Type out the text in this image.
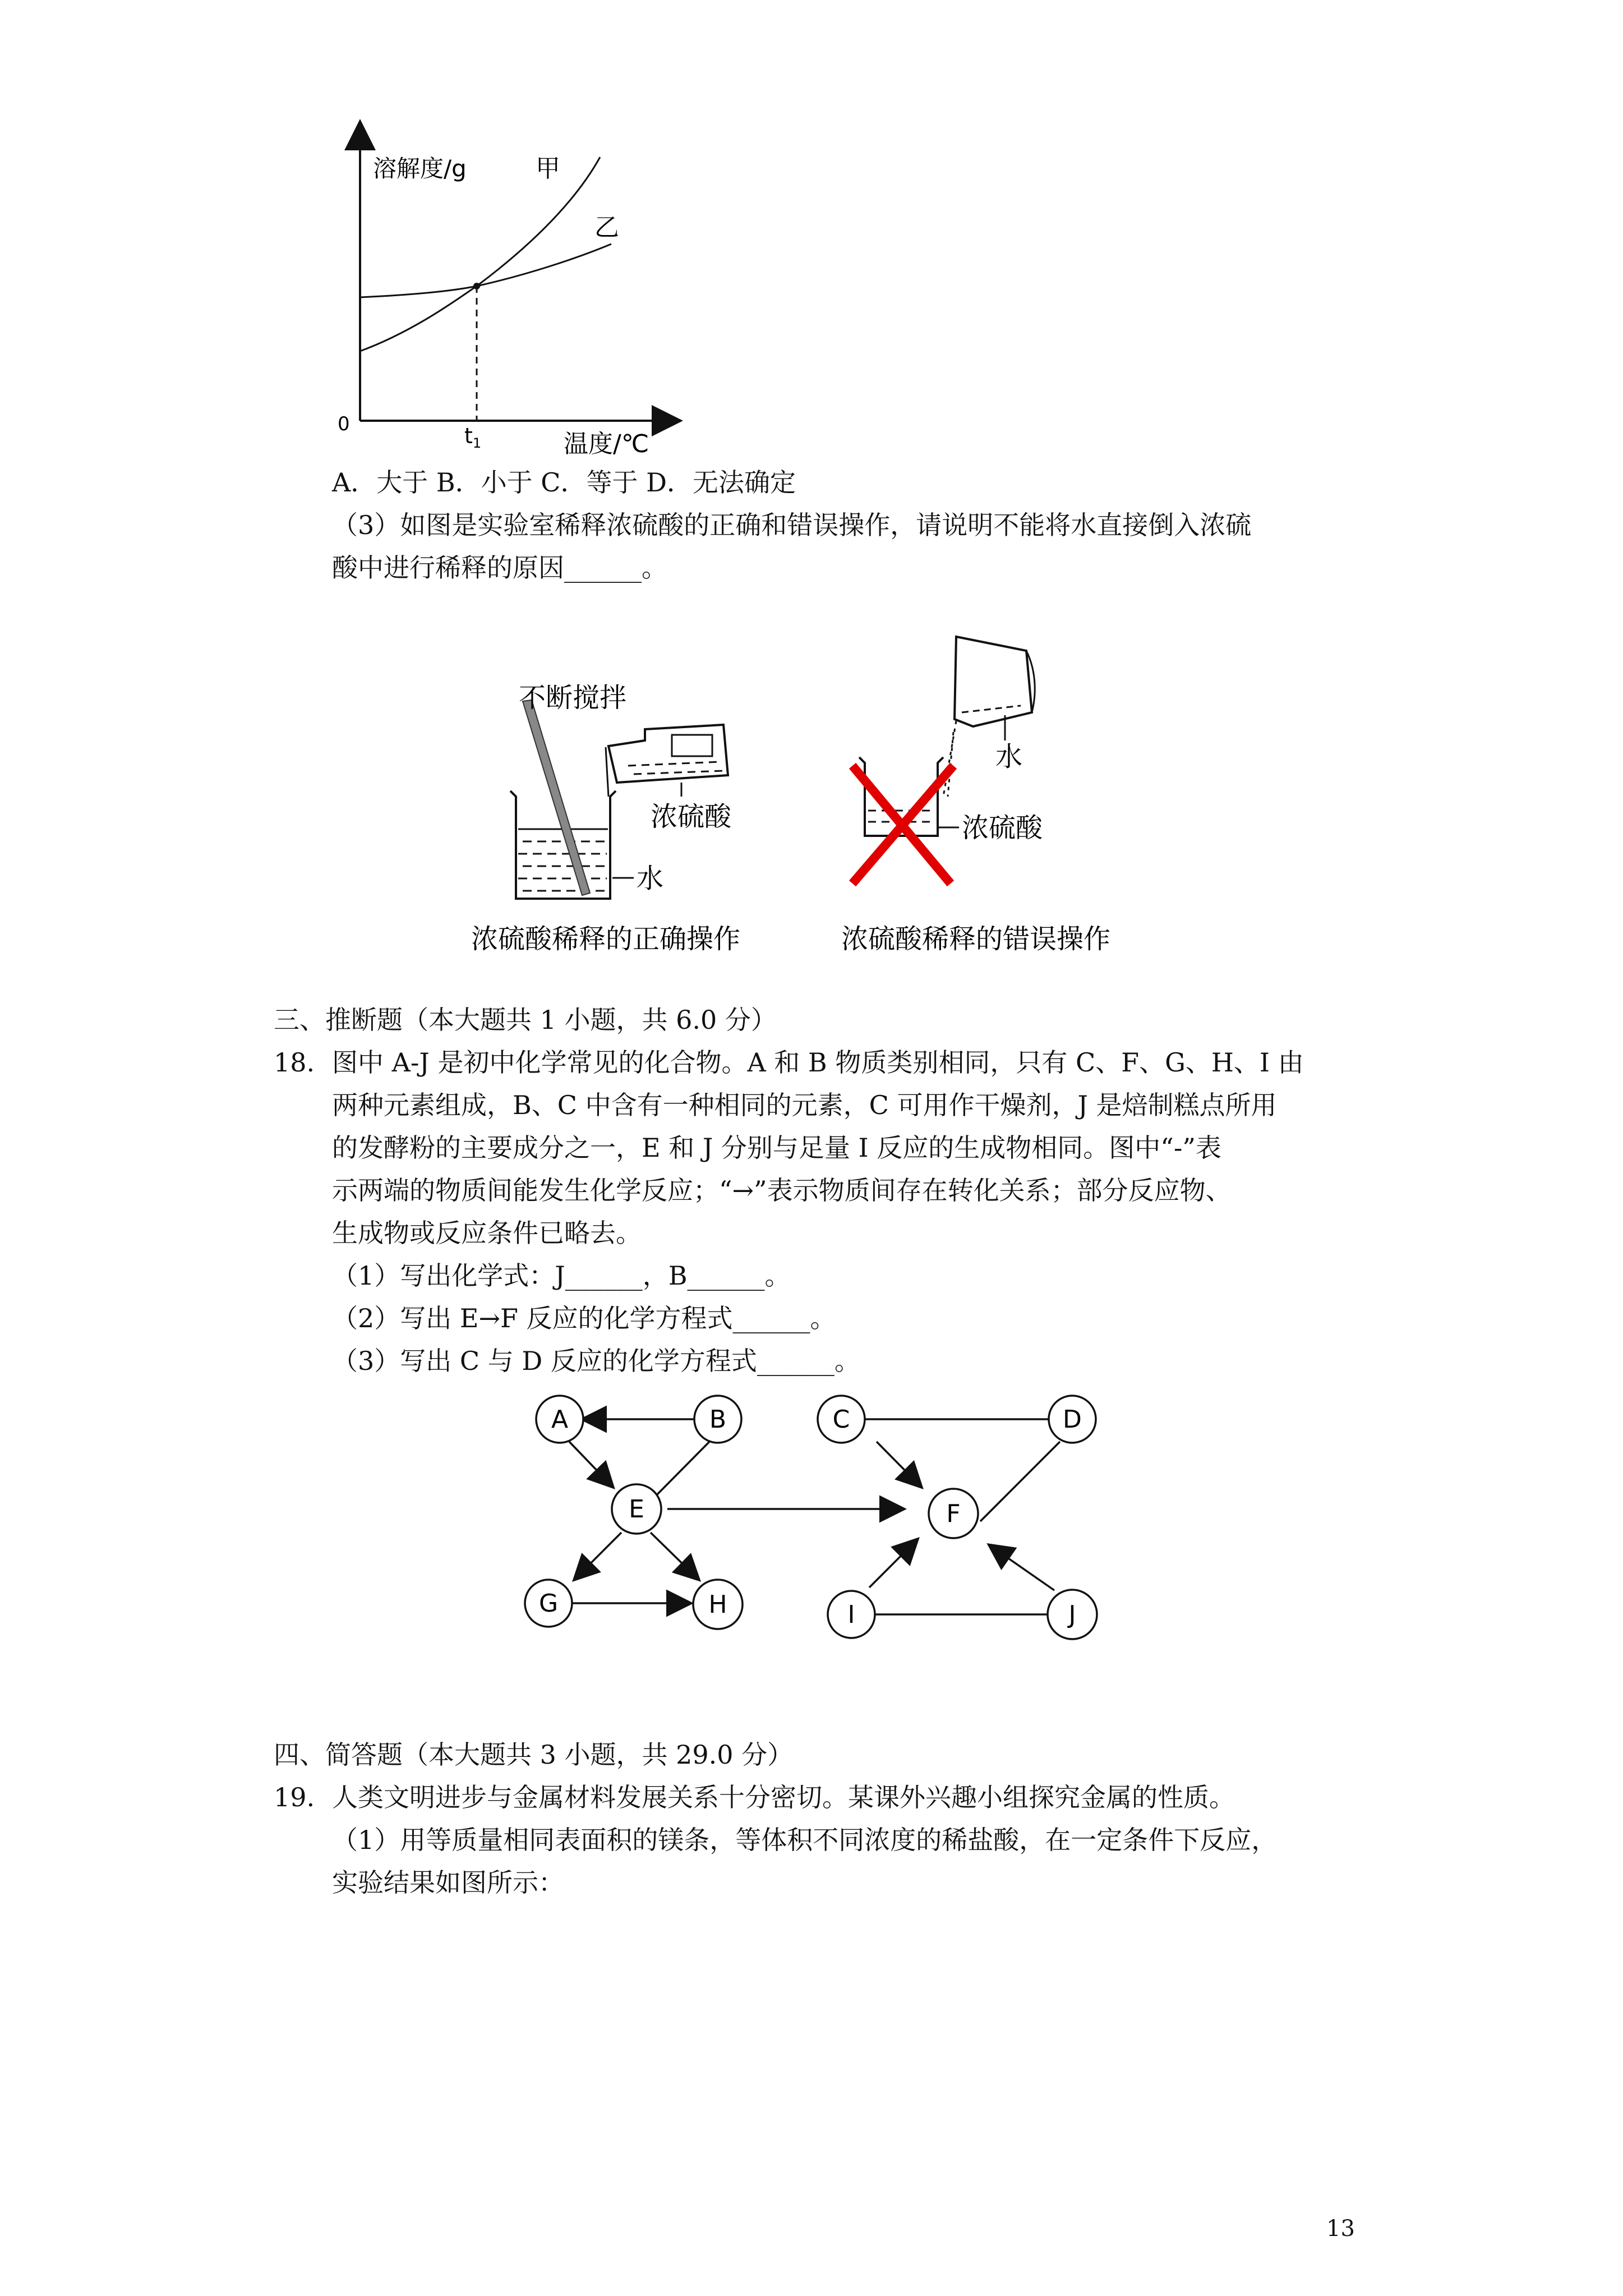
溶解度/g	甲
乙
0	$t_1$	温度/℃
A．大于 B．小于 C．等于 D．无法确定
（3）如图是实验室稀释浓硫酸的正确和错误操作，请说明不能将水直接倒入浓硫
酸中进行稀释的原因______。
不断搅拌
浓硫酸
水
浓硫酸稀释的正确操作
水
浓硫酸
浓硫酸稀释的错误操作
三、推断题（本大题共 1 小题，共 6.0 分）
18. 图中 A-J 是初中化学常见的化合物。A 和 B 物质类别相同，只有 C、F、G、H、I 由
两种元素组成，B、C 中含有一种相同的元素，C 可用作干燥剂，J 是焙制糕点所用
的发酵粉的主要成分之一，E 和 J 分别与足量 I 反应的生成物相同。图中“-”表
示两端的物质间能发生化学反应；“→”表示物质间存在转化关系；部分反应物、
生成物或反应条件已略去。
（1）写出化学式：J______，B______。
（2）写出 E→F 反应的化学方程式______。
（3）写出 C 与 D 反应的化学方程式______。
A	B	C	D
E	F
G	H	I	J
四、简答题（本大题共 3 小题，共 29.0 分）
19. 人类文明进步与金属材料发展关系十分密切。某课外兴趣小组探究金属的性质。
（1）用等质量相同表面积的镁条，等体积不同浓度的稀盐酸，在一定条件下反应，
实验结果如图所示：
13
